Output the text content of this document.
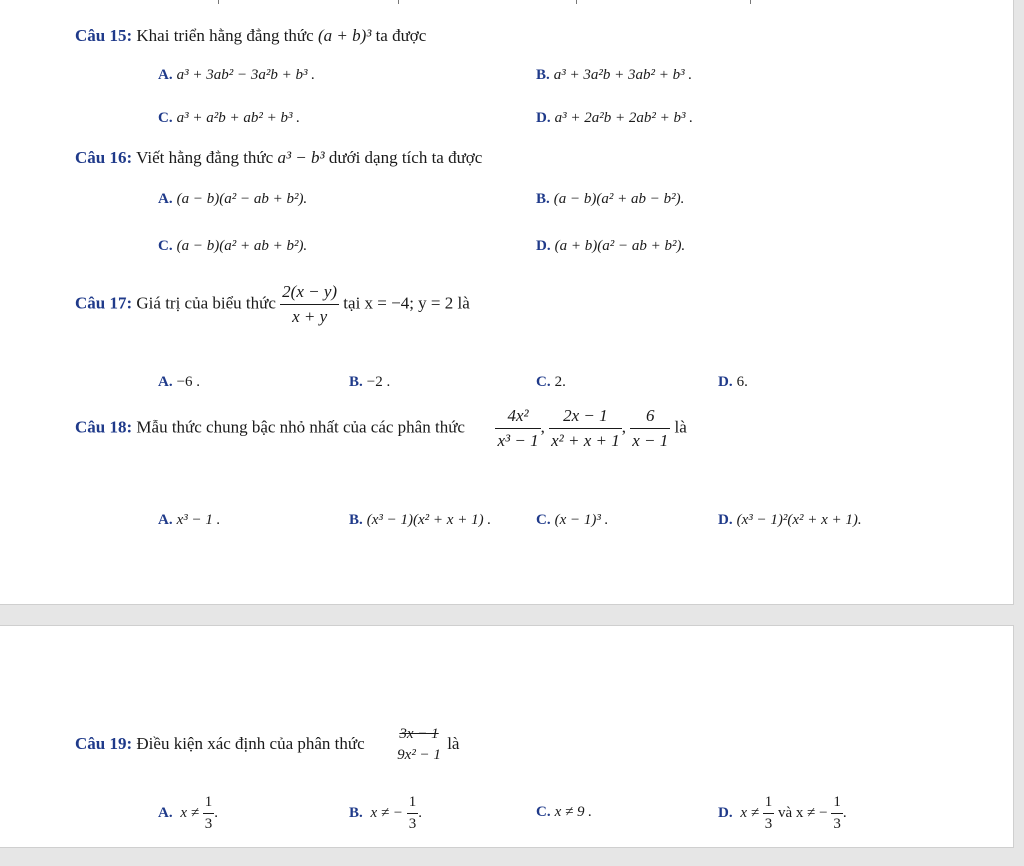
Câu 15: Khai triển hằng đẳng thức (a + b)³ ta được
A. a³ + 3ab² − 3a²b + b³ .	B. a³ + 3a²b + 3ab² + b³ .
C. a³ + a²b + ab² + b³ .	D. a³ + 2a²b + 2ab² + b³ .
Câu 16: Viết hằng đẳng thức a³ − b³ dưới dạng tích ta được
A. (a − b)(a² − ab + b²).	B. (a − b)(a² + ab − b²).
C. (a − b)(a² + ab + b²).	D. (a + b)(a² − ab + b²).
Câu 17: Giá trị của biểu thức $\frac{2(x - y)}{x + y}$ tại x = −4; y = 2 là
A. −6 .	B. −2 .	C. 2.	D. 6.
Câu 18: Mẫu thức chung bậc nhỏ nhất của các phân thức $\frac{\text{4x²}}{\text{x³ − 1}}$ , $\frac{2x - 1}{\text{x² + x + 1}}$ , $\frac{6}{x - 1}$ là
A. x³ − 1 .	B. (x³ − 1)(x² + x + 1) .	C. (x − 1)³ .	D. (x³ − 1)²(x² + x + 1).
Câu 19: Điều kiện xác định của phân thức 3x − 1
9x² − 1
là
A. $x \ne \frac{1}{3}$ .	B. x ≠ − $\frac{1}{3}$ .	C. x ≠ 9 .	D. $x \ne \frac{1}{3}$ và x ≠ − $\frac{1}{3}$ .
